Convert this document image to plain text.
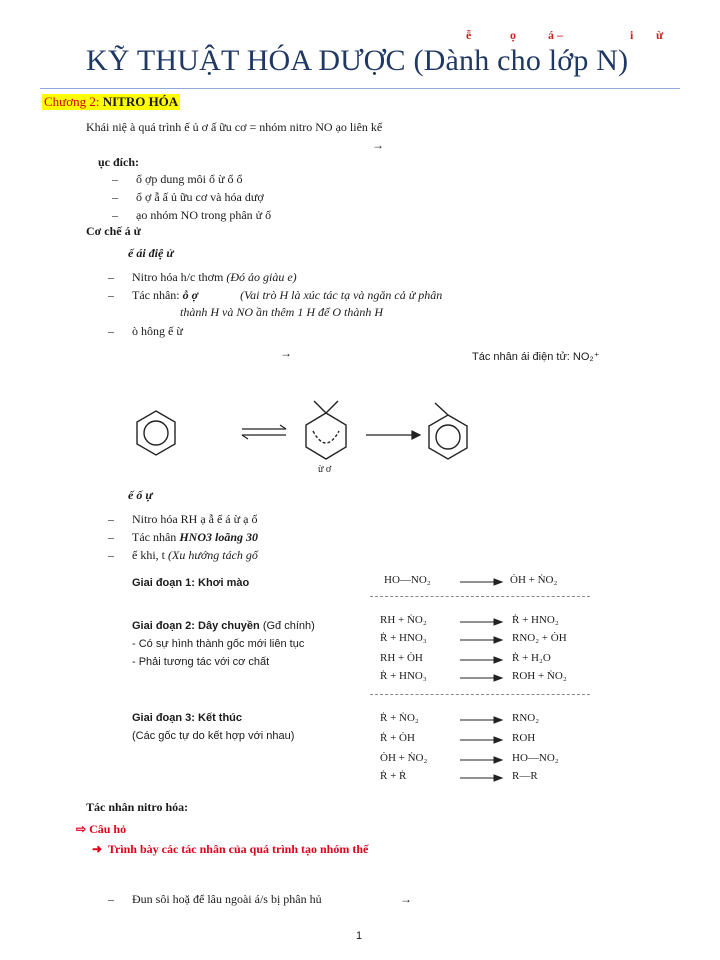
ễ	ọ	á –	i ừ
KỸ THUẬT HÓA DƯỢC (Dành cho lớp N)
Chương 2: NITRO HÓA
Khái niệ à quá trình ế ủ ơ ấ ữu cơ = nhóm nitro NO ạo liên kế
→
ục đích:
– ổ ợp dung môi ổ ừ ổ ổ
– ổ ợ ẫ ấ ủ ữu cơ và hóa dượ
– ạo nhóm NO trong phân ử ổ
Cơ chế á ử
ế ái điệ ử
– Nitro hóa h/c thơm (Đó ảo giàu e)
– Tác nhân: ỗ ợ	(Vai trò H là xúc tác tạ và ngăn cả ử phân
thành H và NO ần thêm 1 H để O thành H
– ò hông ế ừ
→	Tác nhân ái điện tử: NO₂⁺
ừ ơ
ế ố ự
– Nitro hóa RH ạ ẫ ể á ừ ạ ố
– Tác nhân HNO3 loãng 30
– ế khi, t (Xu hướng tách gố
Giai đoạn 1: Khơi mào
Giai đoạn 2: Dây chuyền (Gđ chính)
- Có sự hình thành gốc mới liên tục
- Phải tương tác với cơ chất
Giai đoạn 3: Kết thúc
(Các gốc tự do kết hợp với nhau)
HO—NO₂	ȮH + ṄO₂
RH + ṄO₂	Ṙ + HNO₂
Ṙ + HNO₃	RNO₂ + ȮH
RH + ȮH	Ṙ + H₂O
Ṙ + HNO₃	ROH + ṄO₂
Ṙ + ṄO₂	RNO₂
Ṙ + ȮH	ROH
ȮH + ṄO₂	HO—NO₂
Ṙ + Ṙ	R—R
Tác nhân nitro hóa:
⇨ Câu hỏ
➜ Trình bày các tác nhân của quá trình tạo nhóm thế
– Đun sôi hoặ để lâu ngoài á/s bị phân hủ	→
1
